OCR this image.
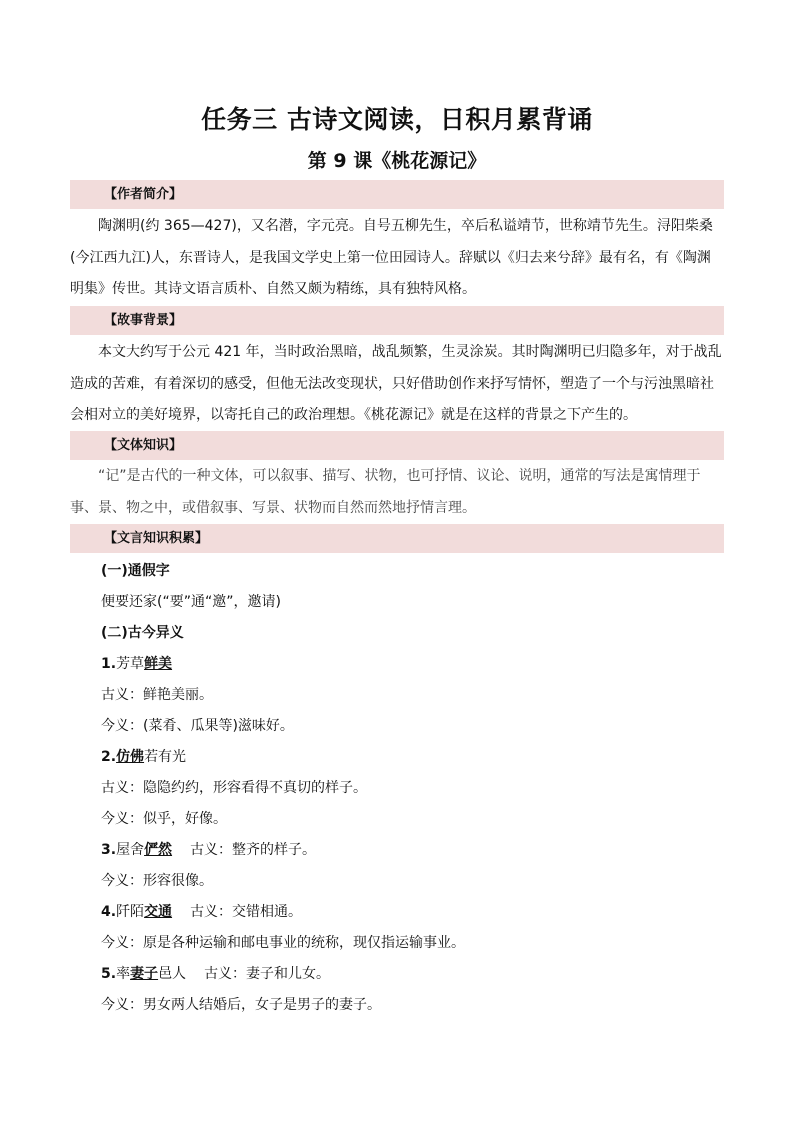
任务三 古诗文阅读，日积月累背诵
第 9 课《桃花源记》
【作者简介】

陶渊明(约 365—427)，又名潜，字元亮。自号五柳先生，卒后私谥靖节，世称靖节先生。浔阳柴桑(今江西九江)人，东晋诗人，是我国文学史上第一位田园诗人。辞赋以《归去来兮辞》最有名，有《陶渊明集》传世。其诗文语言质朴、自然又颇为精练，具有独特风格。

【故事背景】

本文大约写于公元 421 年，当时政治黑暗，战乱频繁，生灵涂炭。其时陶渊明已归隐多年，对于战乱造成的苦难，有着深切的感受，但他无法改变现状，只好借助创作来抒写情怀，塑造了一个与污浊黑暗社会相对立的美好境界，以寄托自己的政治理想。《桃花源记》就是在这样的背景之下产生的。

【文体知识】

“记”是古代的一种文体，可以叙事、描写、状物，也可抒情、议论、说明，通常的写法是寓情理于事、景、物之中，或借叙事、写景、状物而自然而然地抒情言理。

【文言知识积累】
(一)通假字
便要还家(“要”通“邀”，邀请)
(二)古今异义
1.芳草鲜美
古义：鲜艳美丽。
今义：(菜肴、瓜果等)滋味好。
2.仿佛若有光
古义：隐隐约约，形容看得不真切的样子。
今义：似乎，好像。
3.屋舍俨然 古义：整齐的样子。
今义：形容很像。
4.阡陌交通 古义：交错相通。
今义：原是各种运输和邮电事业的统称，现仅指运输事业。
5.率妻子邑人 古义：妻子和儿女。
今义：男女两人结婚后，女子是男子的妻子。
